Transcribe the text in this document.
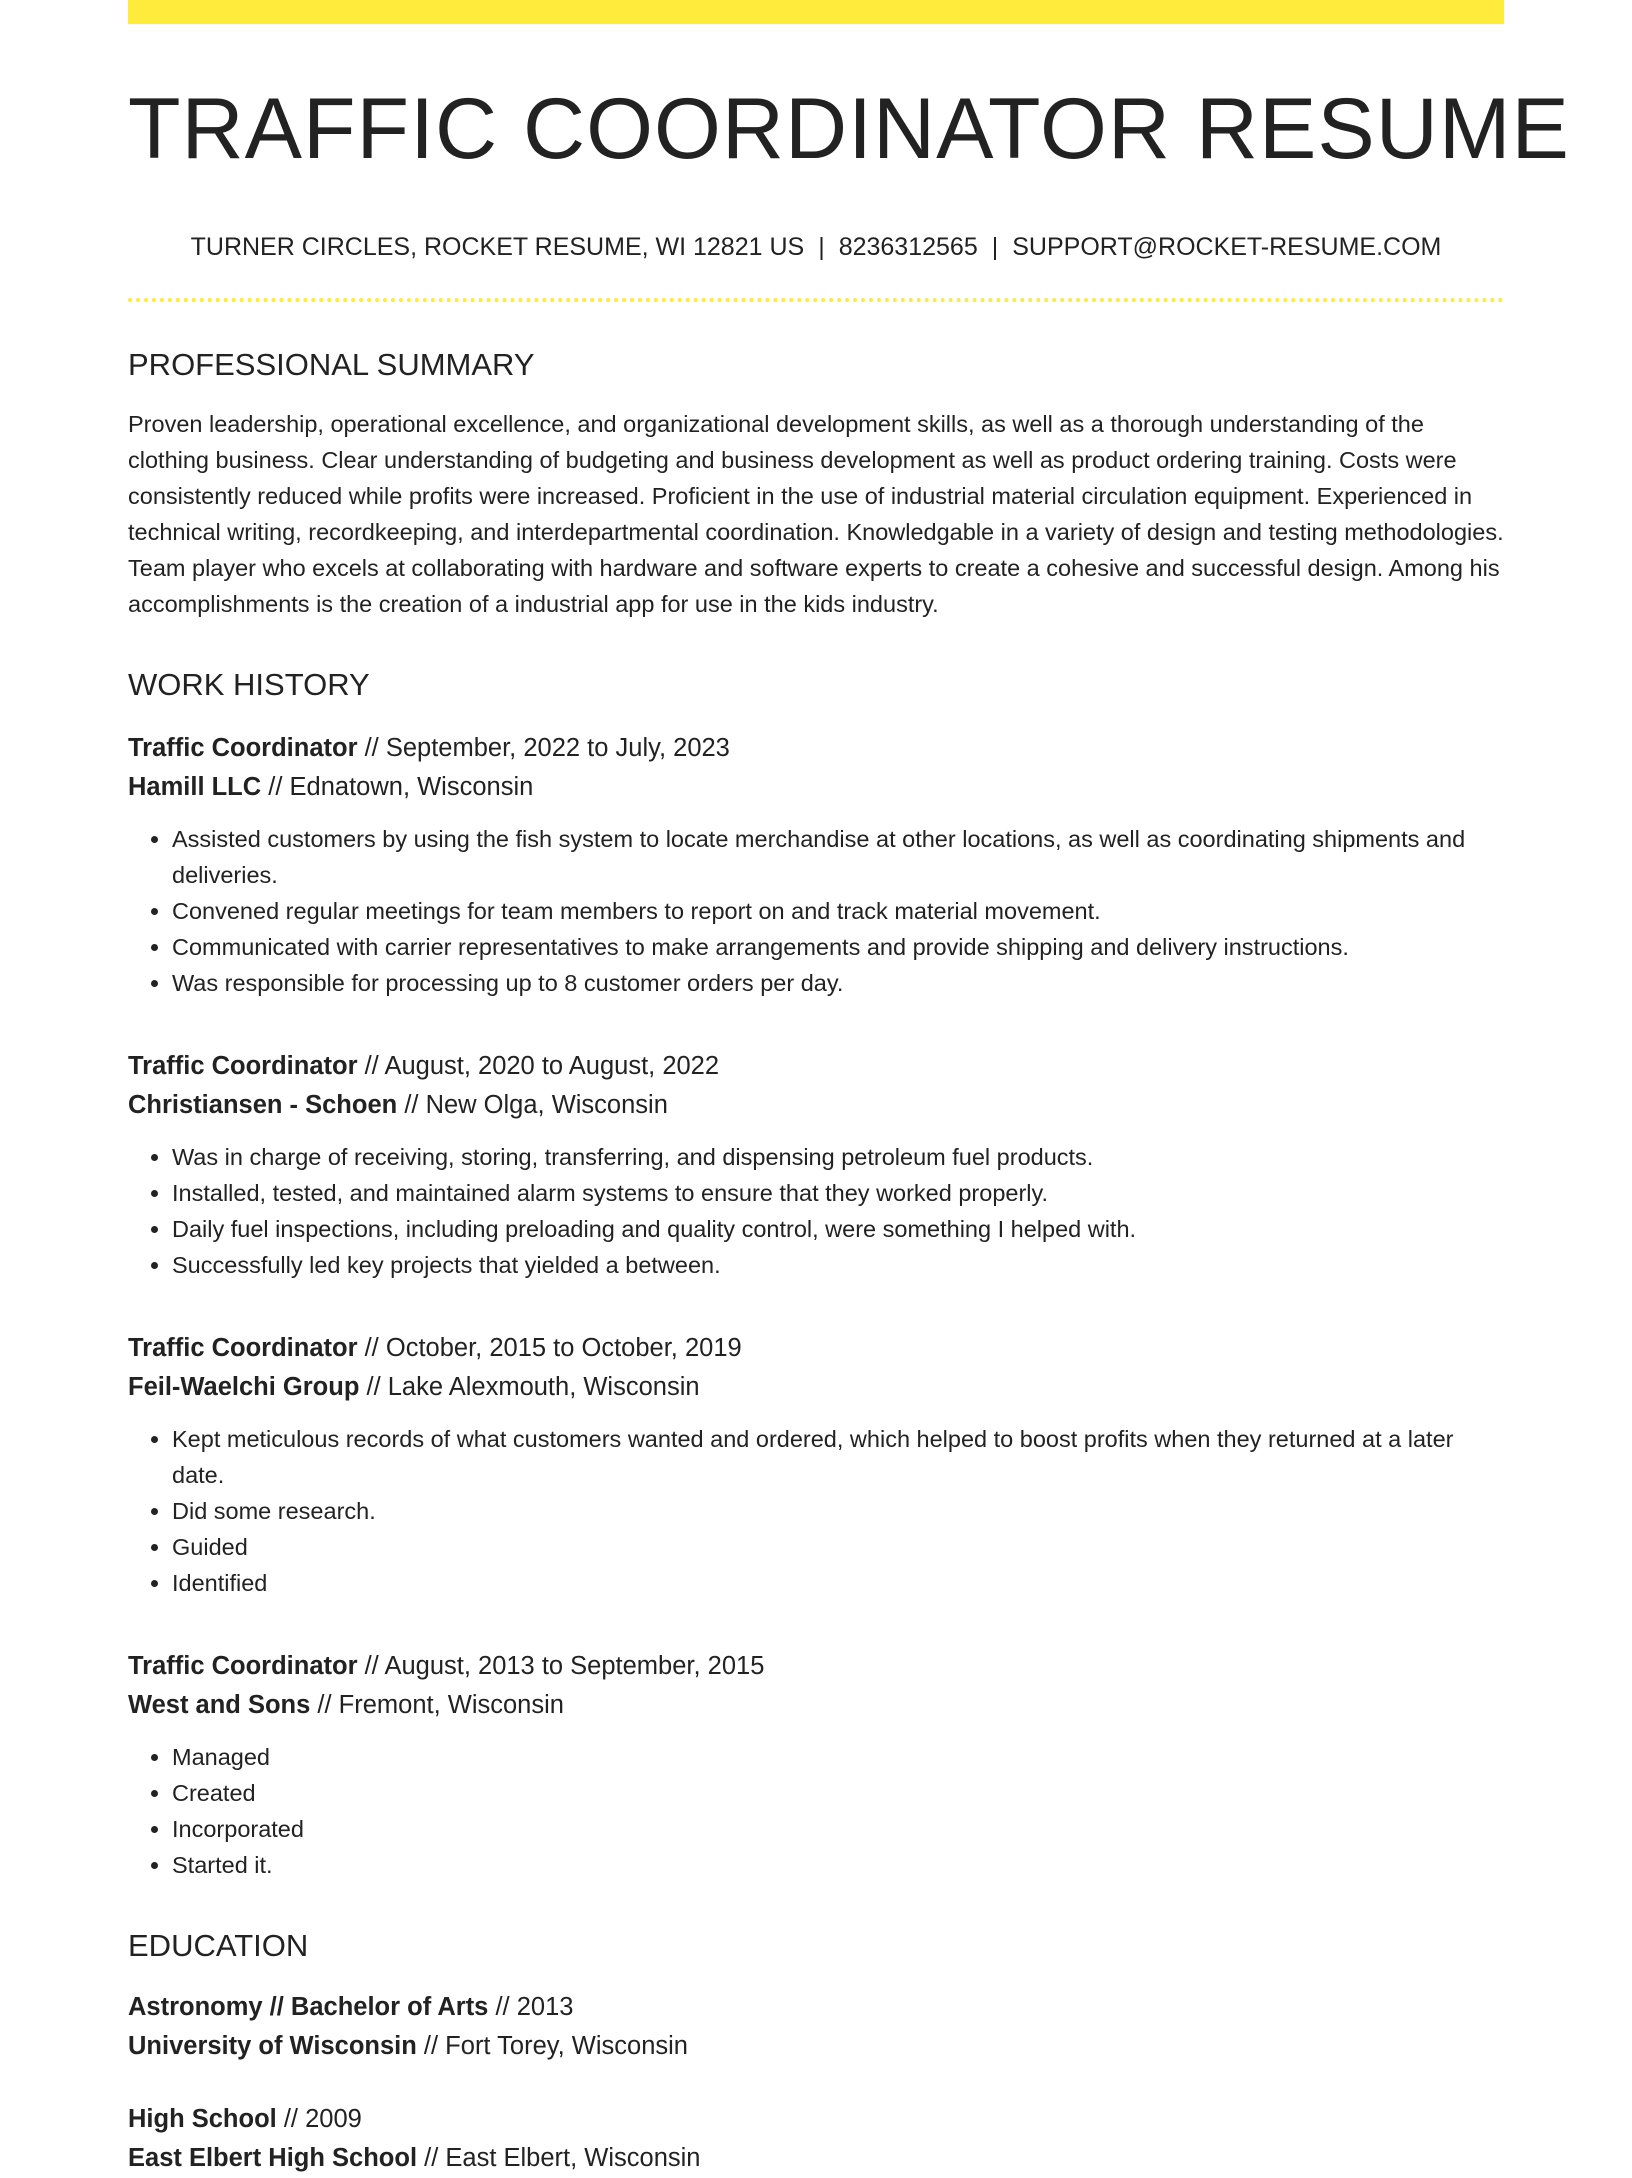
TRAFFIC COORDINATOR RESUME
TURNER CIRCLES, ROCKET RESUME, WI 12821 US | 8236312565 | SUPPORT@ROCKET-RESUME.COM
PROFESSIONAL SUMMARY
Proven leadership, operational excellence, and organizational development skills, as well as a thorough understanding of the clothing business. Clear understanding of budgeting and business development as well as product ordering training. Costs were consistently reduced while profits were increased. Proficient in the use of industrial material circulation equipment. Experienced in technical writing, recordkeeping, and interdepartmental coordination. Knowledgable in a variety of design and testing methodologies. Team player who excels at collaborating with hardware and software experts to create a cohesive and successful design. Among his accomplishments is the creation of a industrial app for use in the kids industry.
WORK HISTORY
Traffic Coordinator // September, 2022 to July, 2023
Hamill LLC // Ednatown, Wisconsin
• Assisted customers by using the fish system to locate merchandise at other locations, as well as coordinating shipments and deliveries.
• Convened regular meetings for team members to report on and track material movement.
• Communicated with carrier representatives to make arrangements and provide shipping and delivery instructions.
• Was responsible for processing up to 8 customer orders per day.
Traffic Coordinator // August, 2020 to August, 2022
Christiansen - Schoen // New Olga, Wisconsin
• Was in charge of receiving, storing, transferring, and dispensing petroleum fuel products.
• Installed, tested, and maintained alarm systems to ensure that they worked properly.
• Daily fuel inspections, including preloading and quality control, were something I helped with.
• Successfully led key projects that yielded a between.
Traffic Coordinator // October, 2015 to October, 2019
Feil-Waelchi Group // Lake Alexmouth, Wisconsin
• Kept meticulous records of what customers wanted and ordered, which helped to boost profits when they returned at a later date.
• Did some research.
• Guided
• Identified
Traffic Coordinator // August, 2013 to September, 2015
West and Sons // Fremont, Wisconsin
• Managed
• Created
• Incorporated
• Started it.
EDUCATION
Astronomy // Bachelor of Arts // 2013
University of Wisconsin // Fort Torey, Wisconsin
High School // 2009
East Elbert High School // East Elbert, Wisconsin
